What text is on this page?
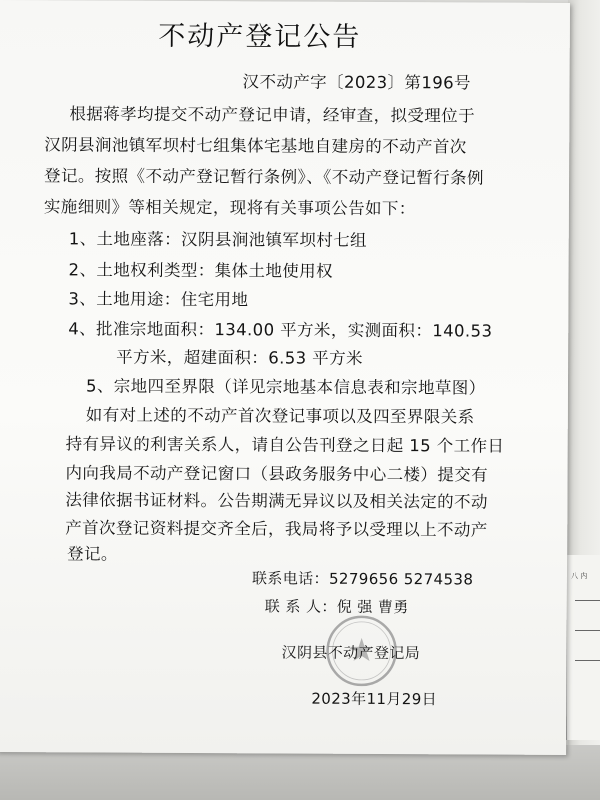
八 内
不动产登记公告
汉不动产字〔2023〕第196号
根据蒋孝均提交不动产登记申请，经审查，拟受理位于
汉阴县涧池镇军坝村七组集体宅基地自建房的不动产首次
登记。按照《不动产登记暂行条例》、《不动产登记暂行条例
实施细则》等相关规定，现将有关事项公告如下：
1、土地座落：汉阴县涧池镇军坝村七组
2、土地权利类型：集体土地使用权
3、土地用途：住宅用地
4、批准宗地面积：134.00 平方米，实测面积：140.53
平方米，超建面积：6.53 平方米
5、宗地四至界限（详见宗地基本信息表和宗地草图）
如有对上述的不动产首次登记事项以及四至界限关系
持有异议的利害关系人，请自公告刊登之日起 15 个工作日
内向我局不动产登记窗口（县政务服务中心二楼）提交有
法律依据书证材料。公告期满无异议以及相关法定的不动
产首次登记资料提交齐全后，我局将予以受理以上不动产
登记。
联系电话：5279656 5274538
联 系 人：倪 强 曹勇
汉阴县不动产登记局
2023年11月29日
